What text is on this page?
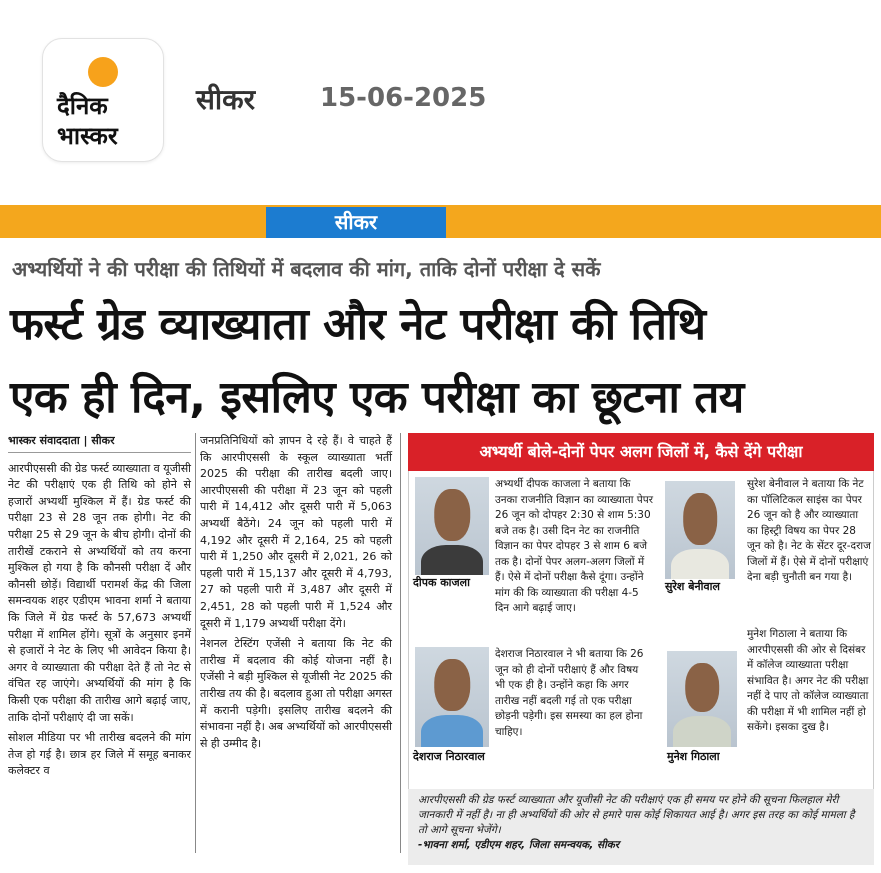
दैनिक
भास्कर
सीकर 15-06-2025
सीकर
अभ्यर्थियों ने की परीक्षा की तिथियों में बदलाव की मांग, ताकि दोनों परीक्षा दे सकें
फर्स्ट ग्रेड व्याख्याता और नेट परीक्षा की तिथि
एक ही दिन, इसलिए एक परीक्षा का छूटना तय
भास्कर संवाददाता | सीकर

आरपीएससी की ग्रेड फर्स्ट व्याख्याता व यूजीसी नेट की परीक्षाएं एक ही तिथि को होने से हजारों अभ्यर्थी मुश्किल में हैं। ग्रेड फर्स्ट की परीक्षा 23 से 28 जून तक होगी। नेट की परीक्षा 25 से 29 जून के बीच होगी। दोनों की तारीखें टकराने से अभ्यर्थियों को तय करना मुश्किल हो गया है कि कौनसी परीक्षा दें और कौनसी छोड़ें। विद्यार्थी परामर्श केंद्र की जिला समन्वयक शहर एडीएम भावना शर्मा ने बताया कि जिले में ग्रेड फर्स्ट के 57,673 अभ्यर्थी परीक्षा में शामिल होंगे। सूत्रों के अनुसार इनमें से हजारों ने नेट के लिए भी आवेदन किया है। अगर वे व्याख्याता की परीक्षा देते हैं तो नेट से वंचित रह जाएंगे। अभ्यर्थियों की मांग है कि किसी एक परीक्षा की तारीख आगे बढ़ाई जाए, ताकि दोनों परीक्षाएं दी जा सकें।

सोशल मीडिया पर भी तारीख बदलने की मांग तेज हो गई है। छात्र हर जिले में समूह बनाकर कलेक्टर व

जनप्रतिनिधियों को ज्ञापन दे रहे हैं। वे चाहते हैं कि आरपीएससी के स्कूल व्याख्याता भर्ती 2025 की परीक्षा की तारीख बदली जाए। आरपीएससी की परीक्षा में 23 जून को पहली पारी में 14,412 और दूसरी पारी में 5,063 अभ्यर्थी बैठेंगे। 24 जून को पहली पारी में 4,192 और दूसरी में 2,164, 25 को पहली पारी में 1,250 और दूसरी में 2,021, 26 को पहली पारी में 15,137 और दूसरी में 4,793, 27 को पहली पारी में 3,487 और दूसरी में 2,451, 28 को पहली पारी में 1,524 और दूसरी में 1,179 अभ्यर्थी परीक्षा देंगे।

नेशनल टेस्टिंग एजेंसी ने बताया कि नेट की तारीख में बदलाव की कोई योजना नहीं है। एजेंसी ने बड़ी मुश्किल से यूजीसी नेट 2025 की तारीख तय की है। बदलाव हुआ तो परीक्षा अगस्त में करानी पड़ेगी। इसलिए तारीख बदलने की संभावना नहीं है। अब अभ्यर्थियों को आरपीएससी से ही उम्मीद है।

अभ्यर्थी बोले-दोनों पेपर अलग जिलों में, कैसे देंगे परीक्षा
दीपक काजला
अभ्यर्थी दीपक काजला ने बताया कि उनका राजनीति विज्ञान का व्याख्याता पेपर 26 जून को दोपहर 2:30 से शाम 5:30 बजे तक है। उसी दिन नेट का राजनीति विज्ञान का पेपर दोपहर 3 से शाम 6 बजे तक है। दोनों पेपर अलग-अलग जिलों में हैं। ऐसे में दोनों परीक्षा कैसे दूंगा। उन्होंने मांग की कि व्याख्याता की परीक्षा 4-5 दिन आगे बढ़ाई जाए।
सुरेश बेनीवाल
सुरेश बेनीवाल ने बताया कि नेट का पॉलिटिकल साइंस का पेपर 26 जून को है और व्याख्याता का हिस्ट्री विषय का पेपर 28 जून को है। नेट के सेंटर दूर-दराज जिलों में हैं। ऐसे में दोनों परीक्षाएं देना बड़ी चुनौती बन गया है।
देशराज निठारवाल
देशराज निठारवाल ने भी बताया कि 26 जून को ही दोनों परीक्षाएं हैं और विषय भी एक ही है। उन्होंने कहा कि अगर तारीख नहीं बदली गई तो एक परीक्षा छोड़नी पड़ेगी। इस समस्या का हल होना चाहिए।
मुनेश गिठाला
मुनेश गिठाला ने बताया कि आरपीएससी की ओर से दिसंबर में कॉलेज व्याख्याता परीक्षा संभावित है। अगर नेट की परीक्षा नहीं दे पाए तो कॉलेज व्याख्याता की परीक्षा में भी शामिल नहीं हो सकेंगे। इसका दुख है।
आरपीएससी की ग्रेड फर्स्ट व्याख्याता और यूजीसी नेट की परीक्षाएं एक ही समय पर होने की सूचना फिलहाल मेरी जानकारी में नहीं है। ना ही अभ्यर्थियों की ओर से हमारे पास कोई शिकायत आई है। अगर इस तरह का कोई मामला है तो आगे सूचना भेजेंगे।
-भावना शर्मा, एडीएम शहर, जिला समन्वयक, सीकर
